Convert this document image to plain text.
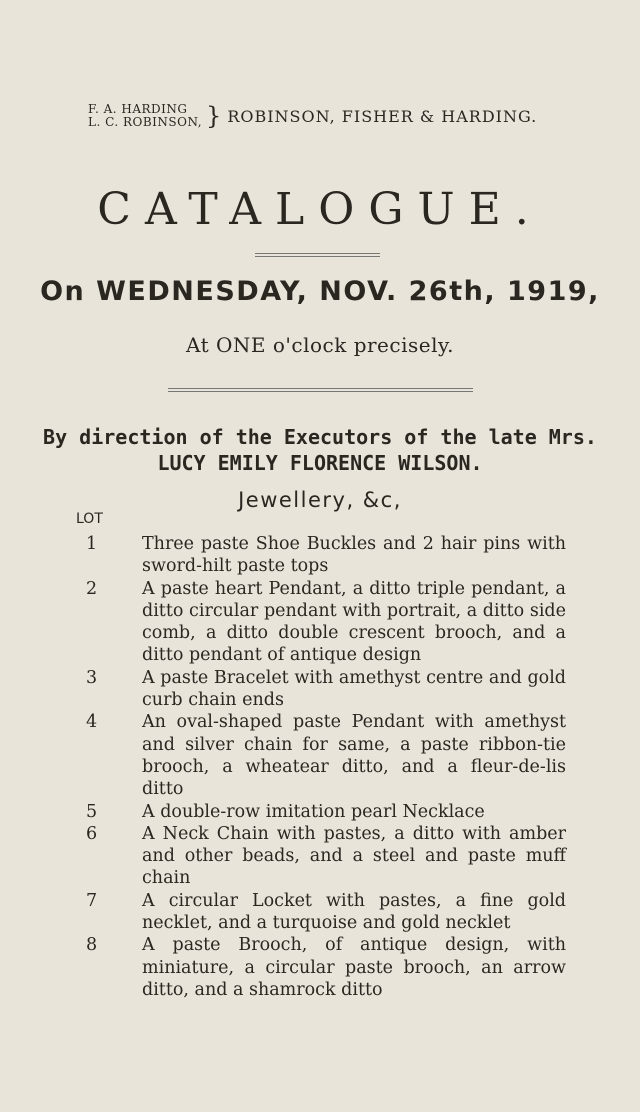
F. A. HARDING
L. C. ROBINSON, } ROBINSON, FISHER & HARDING.
CATALOGUE.
On WEDNESDAY, NOV. 26th, 1919,
At ONE o'clock precisely.
By direction of the Executors of the late Mrs.
LUCY EMILY FLORENCE WILSON.
Jewellery, &c,
LOT
1	Three paste Shoe Buckles and 2 hair pins with sword-hilt paste tops
2	A paste heart Pendant, a ditto triple pendant, a ditto circular pendant with portrait, a ditto side comb, a ditto double crescent brooch, and a ditto pendant of antique design
3	A paste Bracelet with amethyst centre and gold curb chain ends
4	An oval-shaped paste Pendant with amethyst and silver chain for same, a paste ribbon-tie brooch, a wheatear ditto, and a fleur-de-lis ditto
5	A double-row imitation pearl Necklace
6	A Neck Chain with pastes, a ditto with amber and other beads, and a steel and paste muff chain
7	A circular Locket with pastes, a fine gold necklet, and a turquoise and gold necklet
8	A paste Brooch, of antique design, with miniature, a circular paste brooch, an arrow ditto, and a shamrock ditto
